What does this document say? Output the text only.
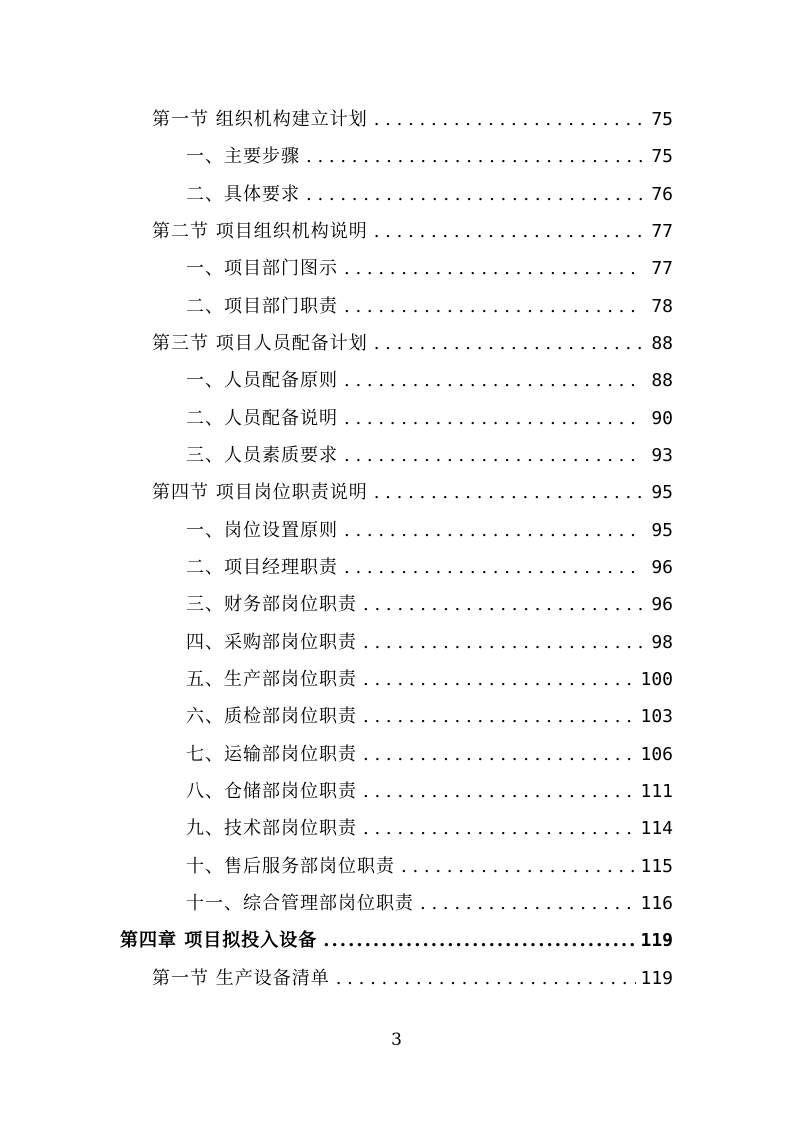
第一节 组织机构建立计划 . . .	75
一、主要步骤 . . .	75
二、具体要求 . . .	76
第二节 项目组织机构说明 . . .	77
一、项目部门图示 . . .	77
二、项目部门职责 . . .	78
第三节 项目人员配备计划 . . .	88
一、人员配备原则 . . .	88
二、人员配备说明 . . .	90
三、人员素质要求 . . .	93
第四节 项目岗位职责说明 . . .	95
一、岗位设置原则 . . .	95
二、项目经理职责 . . .	96
三、财务部岗位职责 . . .	96
四、采购部岗位职责 . . .	98
五、生产部岗位职责 . . .	100
六、质检部岗位职责 . . .	103
七、运输部岗位职责 . . .	106
八、仓储部岗位职责 . . .	111
九、技术部岗位职责 . . .	114
十、售后服务部岗位职责 . . .	115
十一、综合管理部岗位职责 . . .	116
第四章 项目拟投入设备 .....	119
第一节 生产设备清单 . . .	119
3
